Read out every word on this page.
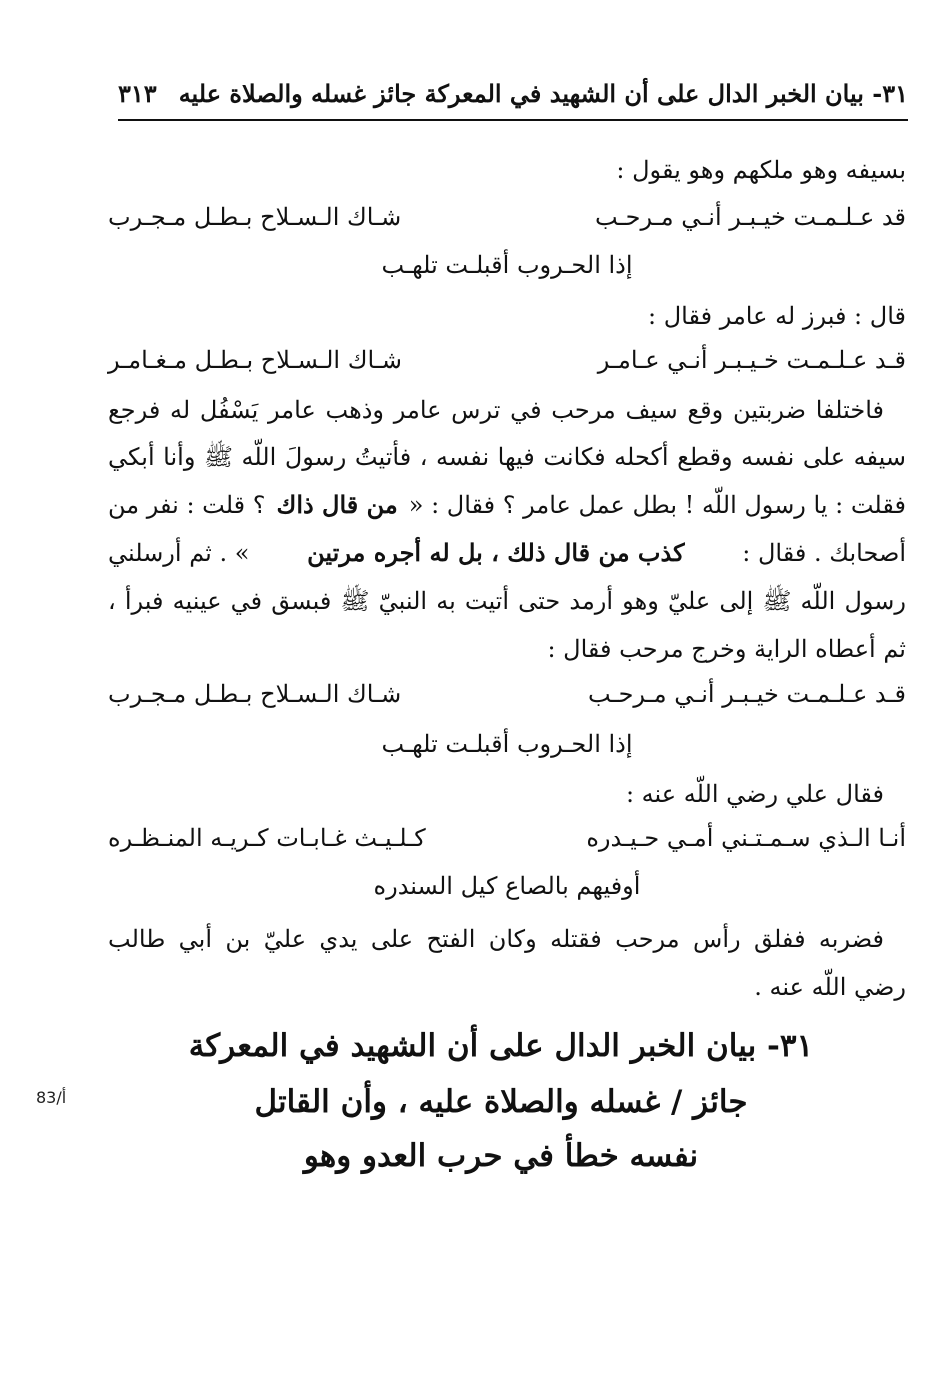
٣١- بيان الخبر الدال على أن الشهيد في المعركة جائز غسله والصلاة عليه
٣١٣
بسيفه وهو ملكهم وهو يقول :
قد عـلـمـت خيـبـر أنـي مـرحـب
شـاك الـسـلاح بـطـل مـجـرب
إذا الحـروب أقبلـت تلهـب
قال : فبرز له عامر فقال :
قـد عـلـمـت خـيـبـر أنـي عـامـر
شـاك الـسـلاح بـطـل مـغـامـر
فاختلفا ضربتين وقع سيف مرحب في ترس عامر وذهب عامر يَسْفُل له فرجع
سيفه على نفسه وقطع أكحله فكانت فيها نفسه ، فأتيتُ رسولَ اللّه ﷺ وأنا أبكي
فقلت : يا رسول اللّه ! بطل عمل عامر ؟ فقال : «
من قال ذاك
؟ قلت : نفر من
أصحابك . فقال :
كذب من قال ذلك ، بل له أجره مرتين
» . ثم أرسلني
رسول اللّه ﷺ إلى عليّ وهو أرمد حتى أتيت به النبيّ ﷺ فبسق في عينيه فبرأ ،
ثم أعطاه الراية وخرج مرحب فقال :
قـد عـلـمـت خيـبـر أنـي مـرحـب
شـاك الـسـلاح بـطـل مـجـرب
إذا الحـروب أقبلـت تلهـب
فقال علي رضي اللّه عنه :
أنـا الـذي سـمـتـني أمـي حـيـدره
كـلـيـث غـابـات كـريـه المنـظـره
أوفيهم بالصاع كيل السندره
فضربه ففلق رأس مرحب فقتله وكان الفتح على يدي عليّ بن أبي طالب
رضي اللّه عنه .
٣١- بيان الخبر الدال على أن الشهيد في المعركة
جائز / غسله والصلاة عليه ، وأن القاتل
نفسه خطأ في حرب العدو وهو
83/أ
